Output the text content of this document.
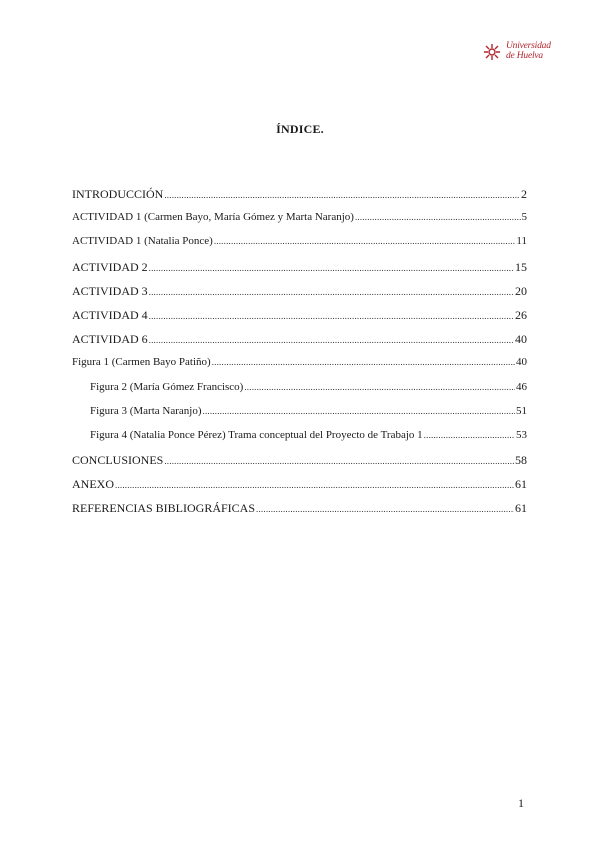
Universidad
de Huelva
ÍNDICE.
INTRODUCCIÓN .....	2
ACTIVIDAD 1 (Carmen Bayo, María Gómez y Marta Naranjo) .....	5
ACTIVIDAD 1 (Natalia Ponce) .....	11
ACTIVIDAD 2 .....	15
ACTIVIDAD 3 .....	20
ACTIVIDAD 4 .....	26
ACTIVIDAD 6 .....	40
Figura 1 (Carmen Bayo Patiño) .....	40
Figura 2 (María Gómez Francisco) .....	46
Figura 3 (Marta Naranjo) .....	51
Figura 4 (Natalia Ponce Pérez) Trama conceptual del Proyecto de Trabajo 1 .....	53
CONCLUSIONES .....	58
ANEXO .....	61
REFERENCIAS BIBLIOGRÁFICAS .....	61
1
